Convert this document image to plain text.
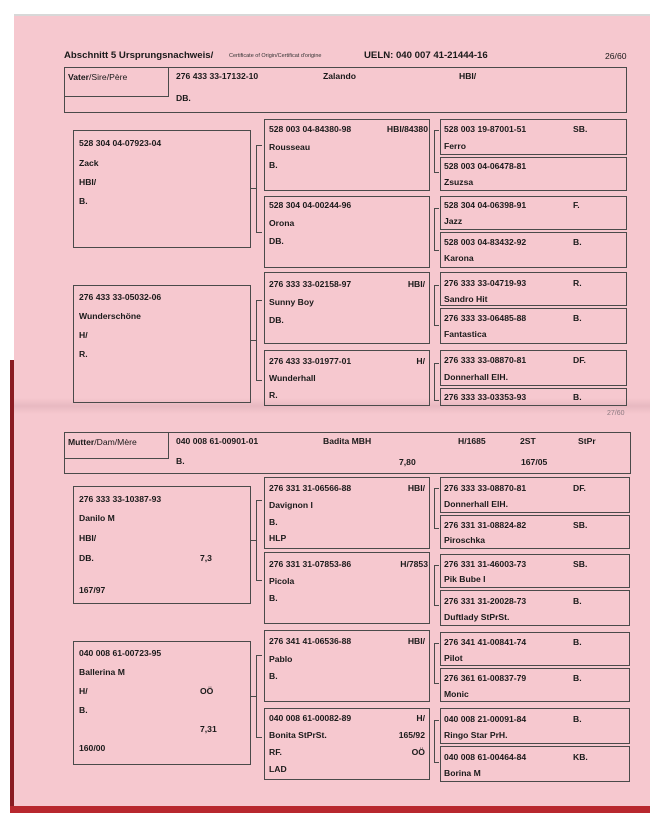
Abschnitt 5 Ursprungsnachweis/	Certificate of Origin/Certificat d'origine	UELN: 040 007 41-21444-16	26/60
Vater/Sire/Père	276 433 33-17132-10	Zalando	HBI/
DB.
528 304 04-07923-04
Zack
HBI/
B.
276 433 33-05032-06
Wunderschöne
H/
R.
528 003 04-84380-98	HBI/84380
Rousseau
B.
528 304 04-00244-96
Orona
DB.
276 333 33-02158-97	HBI/
Sunny Boy
DB.
276 433 33-01977-01	H/
Wunderhall
R.
528 003 19-87001-51	SB.
Ferro
528 003 04-06478-81
Zsuzsa
528 304 04-06398-91	F.
Jazz
528 003 04-83432-92	B.
Karona
276 333 33-04719-93	R.
Sandro Hit
276 333 33-06485-88	B.
Fantastica
276 333 33-08870-81	DF.
Donnerhall ElH.
276 333 33-03353-93	B.
27/60
Mutter/Dam/Mère	040 008 61-00901-01	Badita MBH	H/1685	2ST	StPr
B.	7,80	167/05
276 333 33-10387-93
Danilo M
HBI/
DB.	7,3
167/97
040 008 61-00723-95
Ballerina M
H/	OÖ
B.
7,31
160/00
276 331 31-06566-88	HBI/
Davignon I
B.
HLP
276 331 31-07853-86	H/7853
Picola
B.
276 341 41-06536-88	HBI/
Pablo
B.
040 008 61-00082-89	H/
Bonita StPrSt.	165/92
RF.	OÖ
LAD
276 333 33-08870-81	DF.
Donnerhall ElH.
276 331 31-08824-82	SB.
Piroschka
276 331 31-46003-73	SB.
Pik Bube I
276 331 31-20028-73	B.
Duftlady StPrSt.
276 341 41-00841-74	B.
Pilot
276 361 61-00837-79	B.
Monic
040 008 21-00091-84	B.
Ringo Star PrH.
040 008 61-00464-84	KB.
Borina M
